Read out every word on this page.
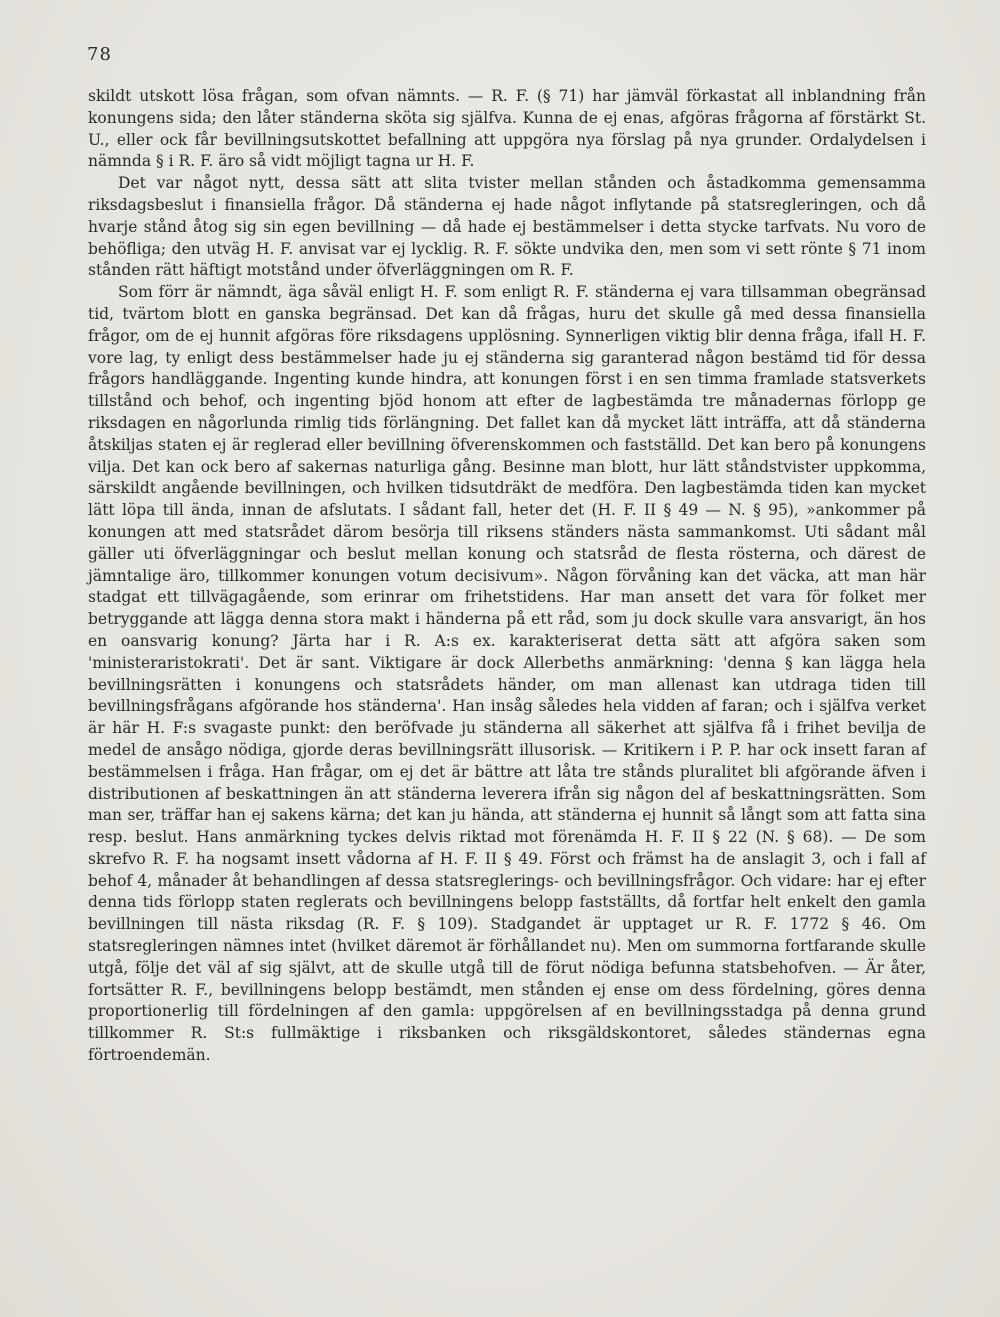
78

skildt utskott lösa frågan, som ofvan nämnts. — R. F. (§ 71) har jämväl förkastat all inblandning från konungens sida; den låter ständerna sköta sig själfva. Kunna de ej enas, afgöras frågorna af förstärkt St. U., eller ock får bevillningsutskottet befallning att uppgöra nya förslag på nya grunder. Ordalydelsen i nämnda § i R. F. äro så vidt möjligt tagna ur H. F.

Det var något nytt, dessa sätt att slita tvister mellan stånden och åstadkomma gemensamma riksdagsbeslut i finansiella frågor. Då ständerna ej hade något inflytande på statsregleringen, och då hvarje stånd åtog sig sin egen bevillning — då hade ej bestämmelser i detta stycke tarfvats. Nu voro de behöfliga; den utväg H. F. anvisat var ej lycklig. R. F. sökte undvika den, men som vi sett rönte § 71 inom stånden rätt häftigt motstånd under öfverläggningen om R. F.

Som förr är nämndt, äga såväl enligt H. F. som enligt R. F. ständerna ej vara tillsamman obegränsad tid, tvärtom blott en ganska begränsad. Det kan då frågas, huru det skulle gå med dessa finansiella frågor, om de ej hunnit afgöras före riksdagens upplösning. Synnerligen viktig blir denna fråga, ifall H. F. vore lag, ty enligt dess bestämmelser hade ju ej ständerna sig garanterad någon bestämd tid för dessa frågors handläggande. Ingenting kunde hindra, att konungen först i en sen timma framlade statsverkets tillstånd och behof, och ingenting bjöd honom att efter de lagbestämda tre månadernas förlopp ge riksdagen en någorlunda rimlig tids förlängning. Det fallet kan då mycket lätt inträffa, att då ständerna åtskiljas staten ej är reglerad eller bevillning öfverenskommen och fastställd. Det kan bero på konungens vilja. Det kan ock bero af sakernas naturliga gång. Besinne man blott, hur lätt ståndstvister uppkomma, särskildt angående bevillningen, och hvilken tidsutdräkt de medföra. Den lagbestämda tiden kan mycket lätt löpa till ända, innan de afslutats. I sådant fall, heter det (H. F. II § 49 — N. § 95), »ankommer på konungen att med statsrådet därom besörja till riksens ständers nästa sammankomst. Uti sådant mål gäller uti öfverläggningar och beslut mellan konung och statsråd de flesta rösterna, och därest de jämntalige äro, tillkommer konungen votum decisivum». Någon förvåning kan det väcka, att man här stadgat ett tillvägagående, som erinrar om frihetstidens. Har man ansett det vara för folket mer betryggande att lägga denna stora makt i händerna på ett råd, som ju dock skulle vara ansvarigt, än hos en oansvarig konung? Järta har i R. A:s ex. karakteriserat detta sätt att afgöra saken som 'ministeraristokrati'. Det är sant. Viktigare är dock Allerbeths anmärkning: 'denna § kan lägga hela bevillningsrätten i konungens och statsrådets händer, om man allenast kan utdraga tiden till bevillningsfrågans afgörande hos ständerna'. Han insåg således hela vidden af faran; och i själfva verket är här H. F:s svagaste punkt: den beröfvade ju ständerna all säkerhet att själfva få i frihet bevilja de medel de ansågo nödiga, gjorde deras bevillningsrätt illusorisk. — Kritikern i P. P. har ock insett faran af bestämmelsen i fråga. Han frågar, om ej det är bättre att låta tre stånds pluralitet bli afgörande äfven i distributionen af beskattningen än att ständerna leverera ifrån sig någon del af beskattningsrätten. Som man ser, träffar han ej sakens kärna; det kan ju hända, att ständerna ej hunnit så långt som att fatta sina resp. beslut. Hans anmärkning tyckes delvis riktad mot förenämda H. F. II § 22 (N. § 68). — De som skrefvo R. F. ha nogsamt insett vådorna af H. F. II § 49. Först och främst ha de anslagit 3, och i fall af behof 4, månader åt behandlingen af dessa statsreglerings- och bevillningsfrågor. Och vidare: har ej efter denna tids förlopp staten reglerats och bevillningens belopp fastställts, då fortfar helt enkelt den gamla bevillningen till nästa riksdag (R. F. § 109). Stadgandet är upptaget ur R. F. 1772 § 46. Om statsregleringen nämnes intet (hvilket däremot är förhållandet nu). Men om summorna fortfarande skulle utgå, följe det väl af sig självt, att de skulle utgå till de förut nödiga befunna statsbehofven. — Är åter, fortsätter R. F., bevillningens belopp bestämdt, men stånden ej ense om dess fördelning, göres denna proportionerlig till fördelningen af den gamla: uppgörelsen af en bevillningsstadga på denna grund tillkommer R. St:s fullmäktige i riksbanken och riksgäldskontoret, således ständernas egna förtroendemän.
